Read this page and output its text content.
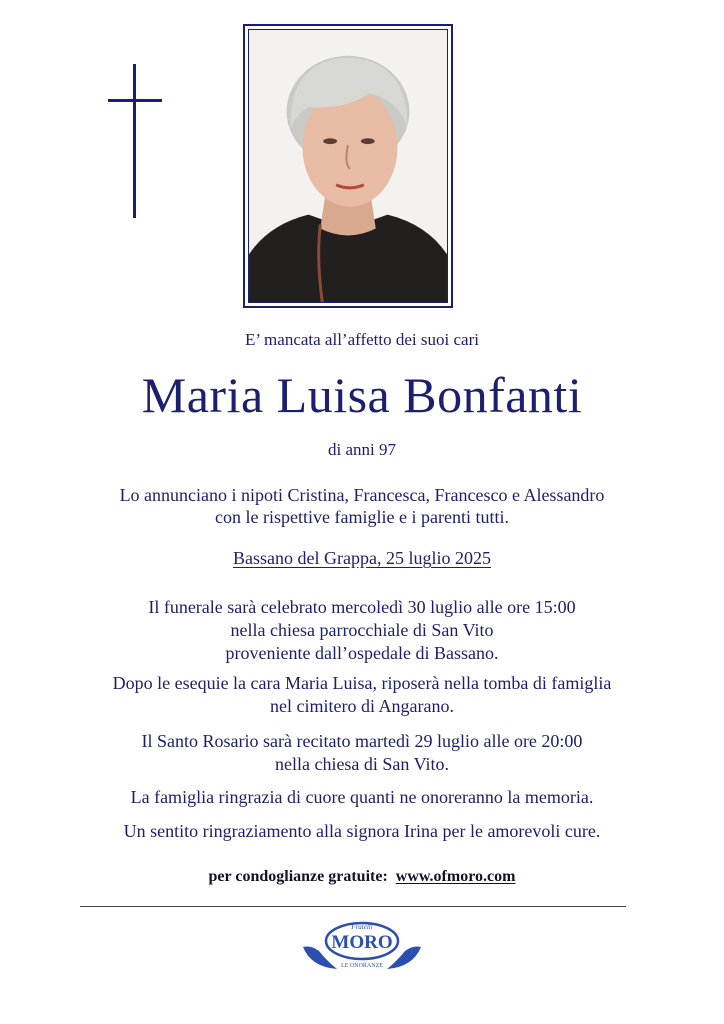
E’ mancata all’affetto dei suoi cari
Maria Luisa Bonfanti
di anni 97
Lo annunciano i nipoti Cristina, Francesca, Francesco e Alessandro
con le rispettive famiglie e i parenti tutti.
Bassano del Grappa, 25 luglio 2025
Il funerale sarà celebrato mercoledì 30 luglio alle ore 15:00
nella chiesa parrocchiale di San Vito
proveniente dall’ospedale di Bassano.
Dopo le esequie la cara Maria Luisa, riposerà nella tomba di famiglia
nel cimitero di Angarano.
Il Santo Rosario sarà recitato martedì 29 luglio alle ore 20:00
nella chiesa di San Vito.
La famiglia ringrazia di cuore quanti ne onoreranno la memoria.
Un sentito ringraziamento alla signora Irina per le amorevoli cure.
per condoglianze gratuite: www.ofmoro.com
Fratelli
MORO
LE ONORANZE
